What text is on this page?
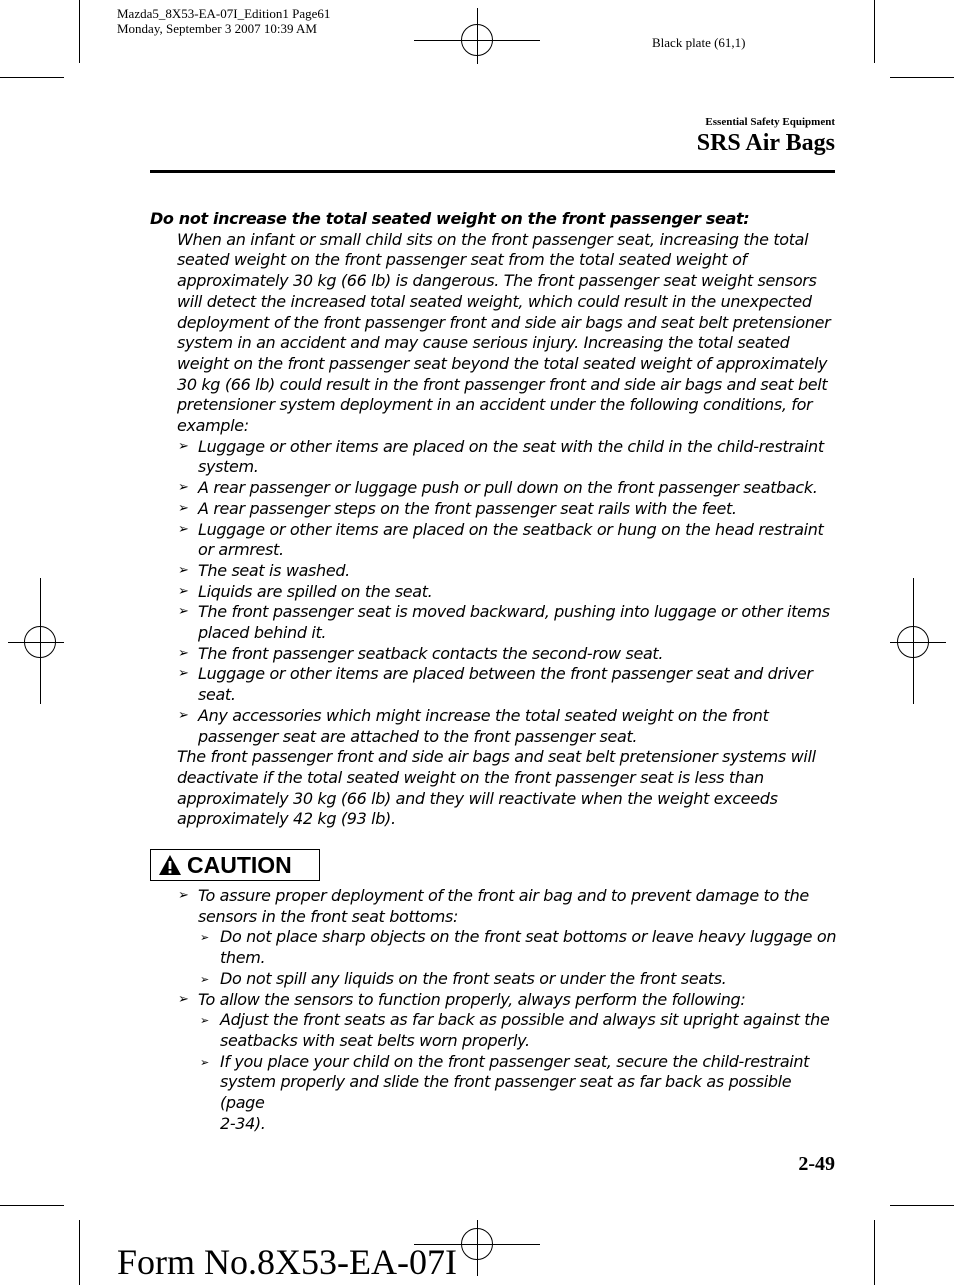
Mazda5_8X53-EA-07I_Edition1 Page61
Monday, September 3 2007 10:39 AM
Black plate (61,1)
Essential Safety Equipment
SRS Air Bags
Do not increase the total seated weight on the front passenger seat:
When an infant or small child sits on the front passenger seat, increasing the total
seated weight on the front passenger seat from the total seated weight of
approximately 30 kg (66 lb) is dangerous. The front passenger seat weight sensors
will detect the increased total seated weight, which could result in the unexpected
deployment of the front passenger front and side air bags and seat belt pretensioner
system in an accident and may cause serious injury. Increasing the total seated
weight on the front passenger seat beyond the total seated weight of approximately
30 kg (66 lb) could result in the front passenger front and side air bags and seat belt
pretensioner system deployment in an accident under the following conditions, for
example:
➢ Luggage or other items are placed on the seat with the child in the child-restraint
system.
➢ A rear passenger or luggage push or pull down on the front passenger seatback.
➢ A rear passenger steps on the front passenger seat rails with the feet.
➢ Luggage or other items are placed on the seatback or hung on the head restraint
or armrest.
➢ The seat is washed.
➢ Liquids are spilled on the seat.
➢ The front passenger seat is moved backward, pushing into luggage or other items
placed behind it.
➢ The front passenger seatback contacts the second-row seat.
➢ Luggage or other items are placed between the front passenger seat and driver
seat.
➢ Any accessories which might increase the total seated weight on the front
passenger seat are attached to the front passenger seat.
The front passenger front and side air bags and seat belt pretensioner systems will
deactivate if the total seated weight on the front passenger seat is less than
approximately 30 kg (66 lb) and they will reactivate when the weight exceeds
approximately 42 kg (93 lb).
CAUTION
➢ To assure proper deployment of the front air bag and to prevent damage to the
sensors in the front seat bottoms:
➢ Do not place sharp objects on the front seat bottoms or leave heavy luggage on
them.
➢ Do not spill any liquids on the front seats or under the front seats.
➢ To allow the sensors to function properly, always perform the following:
➢ Adjust the front seats as far back as possible and always sit upright against the
seatbacks with seat belts worn properly.
➢ If you place your child on the front passenger seat, secure the child-restraint
system properly and slide the front passenger seat as far back as possible (page
2-34).
2-49
Form No.8X53-EA-07I
